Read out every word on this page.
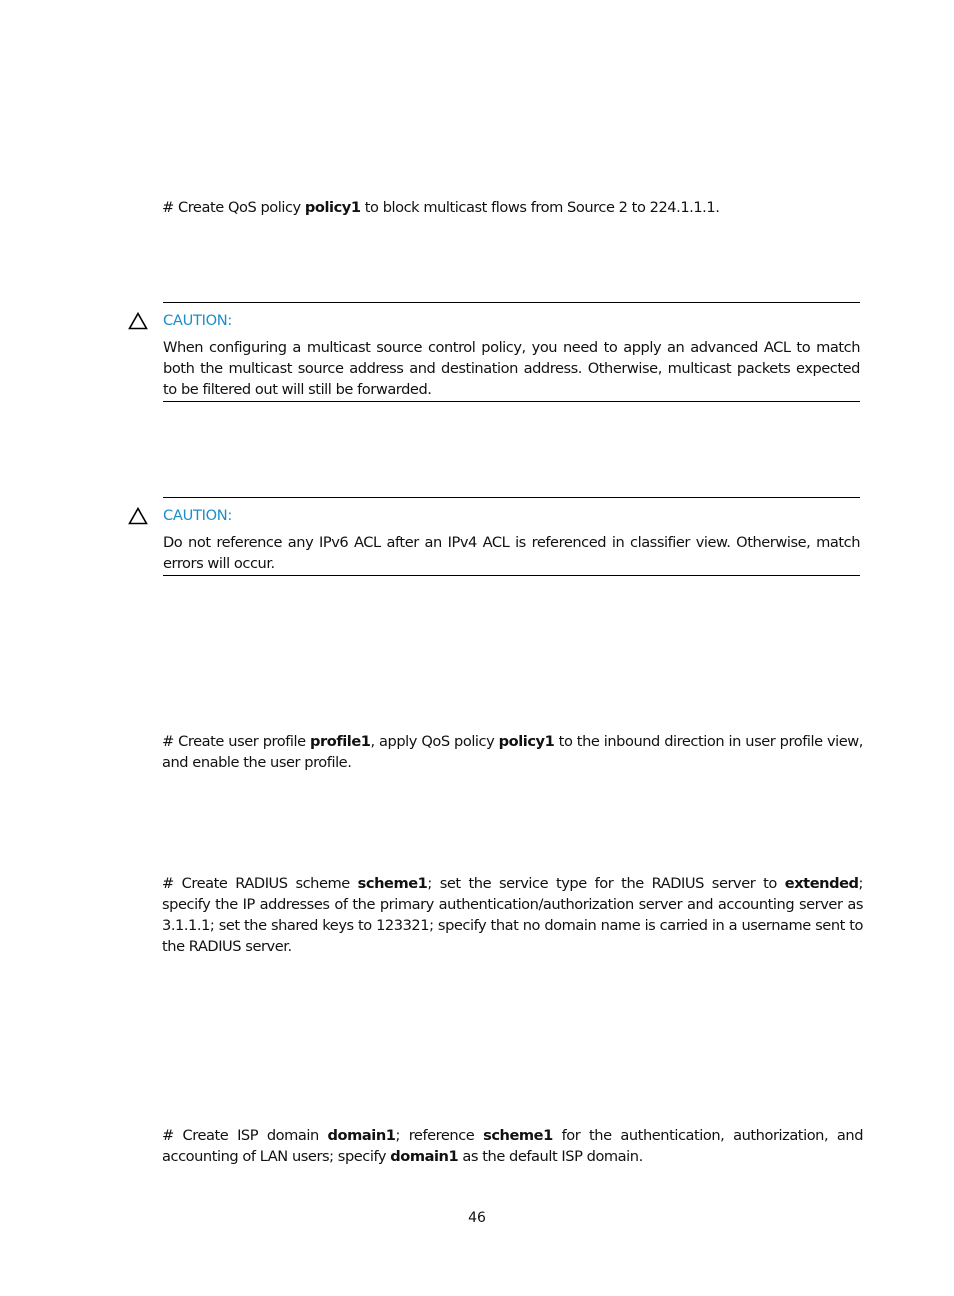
# Create QoS policy policy1 to block multicast flows from Source 2 to 224.1.1.1.
CAUTION:
When configuring a multicast source control policy, you need to apply an advanced ACL to match both the multicast source address and destination address. Otherwise, multicast packets expected to be filtered out will still be forwarded.
CAUTION:
Do not reference any IPv6 ACL after an IPv4 ACL is referenced in classifier view. Otherwise, match errors will occur.
# Create user profile profile1, apply QoS policy policy1 to the inbound direction in user profile view, and enable the user profile.
# Create RADIUS scheme scheme1; set the service type for the RADIUS server to extended; specify the IP addresses of the primary authentication/authorization server and accounting server as 3.1.1.1; set the shared keys to 123321; specify that no domain name is carried in a username sent to the RADIUS server.
# Create ISP domain domain1; reference scheme1 for the authentication, authorization, and accounting of LAN users; specify domain1 as the default ISP domain.
46
